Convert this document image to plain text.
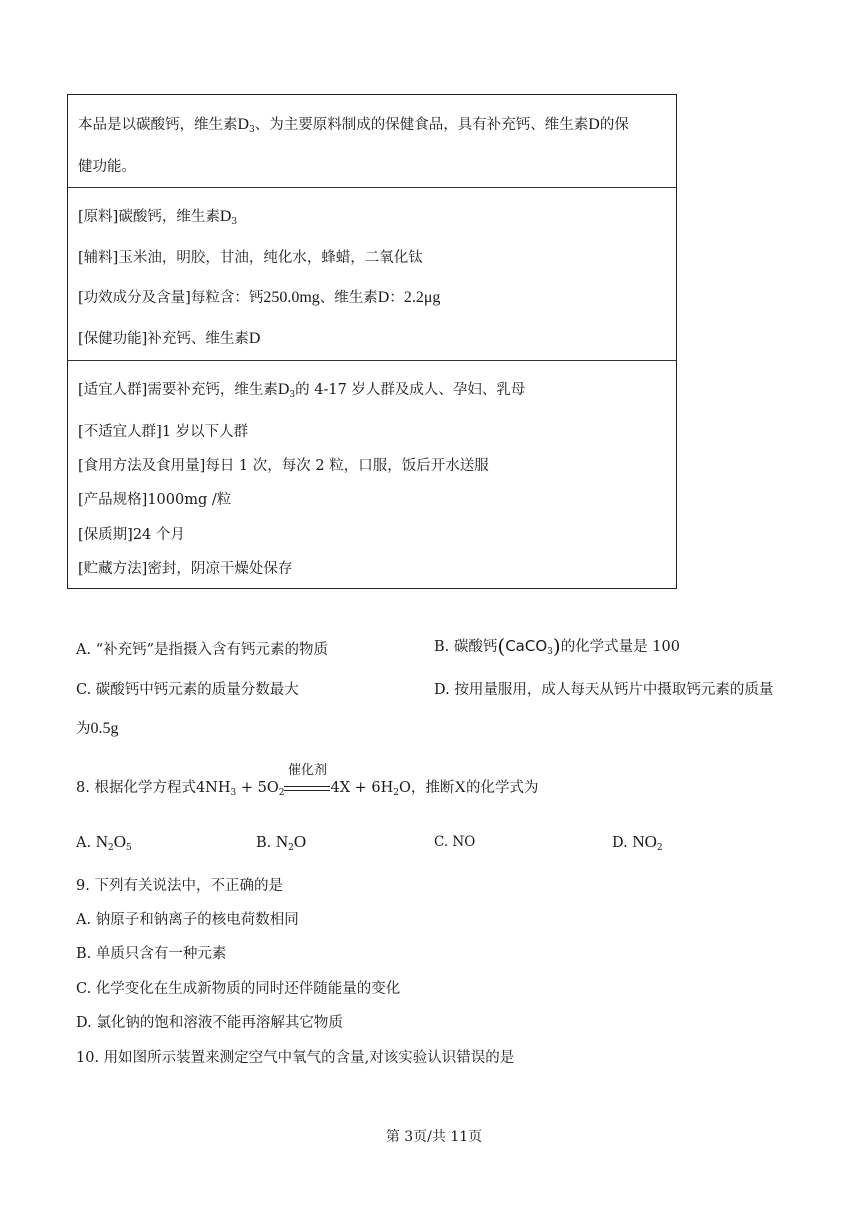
本品是以碳酸钙，维生素$D_3$、为主要原料制成的保健食品，具有补充钙、维生素D的保
健功能。
[原料]碳酸钙，维生素$D_3$
[辅料]玉米油，明胶，甘油，纯化水，蜂蜡，二氧化钛
[功效成分及含量]每粒含：钙250.0mg、维生素D：2.2μg
[保健功能]补充钙、维生素D
[适宜人群]需要补充钙，维生素$D_3$的 4-17 岁人群及成人、孕妇、乳母
[不适宜人群]1 岁以下人群
[食用方法及食用量]每日 1 次，每次 2 粒，口服，饭后开水送服
[产品规格]1000mg /粒
[保质期]24 个月
[贮藏方法]密封，阴凉干燥处保存
A. “补充钙”是指摄入含有钙元素的物质	B. 碳酸钙(CaCO$_3$)的化学式量是 100
C. 碳酸钙中钙元素的质量分数最大	D. 按用量服用，成人每天从钙片中摄取钙元素的质量
为0.5g
8. 根据化学方程式$4NH_3 + 5O_2$
催化剂
$4X + 6H_2O$，推断X的化学式为
A. $N_2O_5$	B. $N_2O$	C. NO	D. $NO_2$
9. 下列有关说法中，不正确的是
A. 钠原子和钠离子的核电荷数相同
B. 单质只含有一种元素
C. 化学变化在生成新物质的同时还伴随能量的变化
D. 氯化钠的饱和溶液不能再溶解其它物质
10. 用如图所示装置来测定空气中氧气的含量,对该实验认识错误的是
第 3页/共 11页
